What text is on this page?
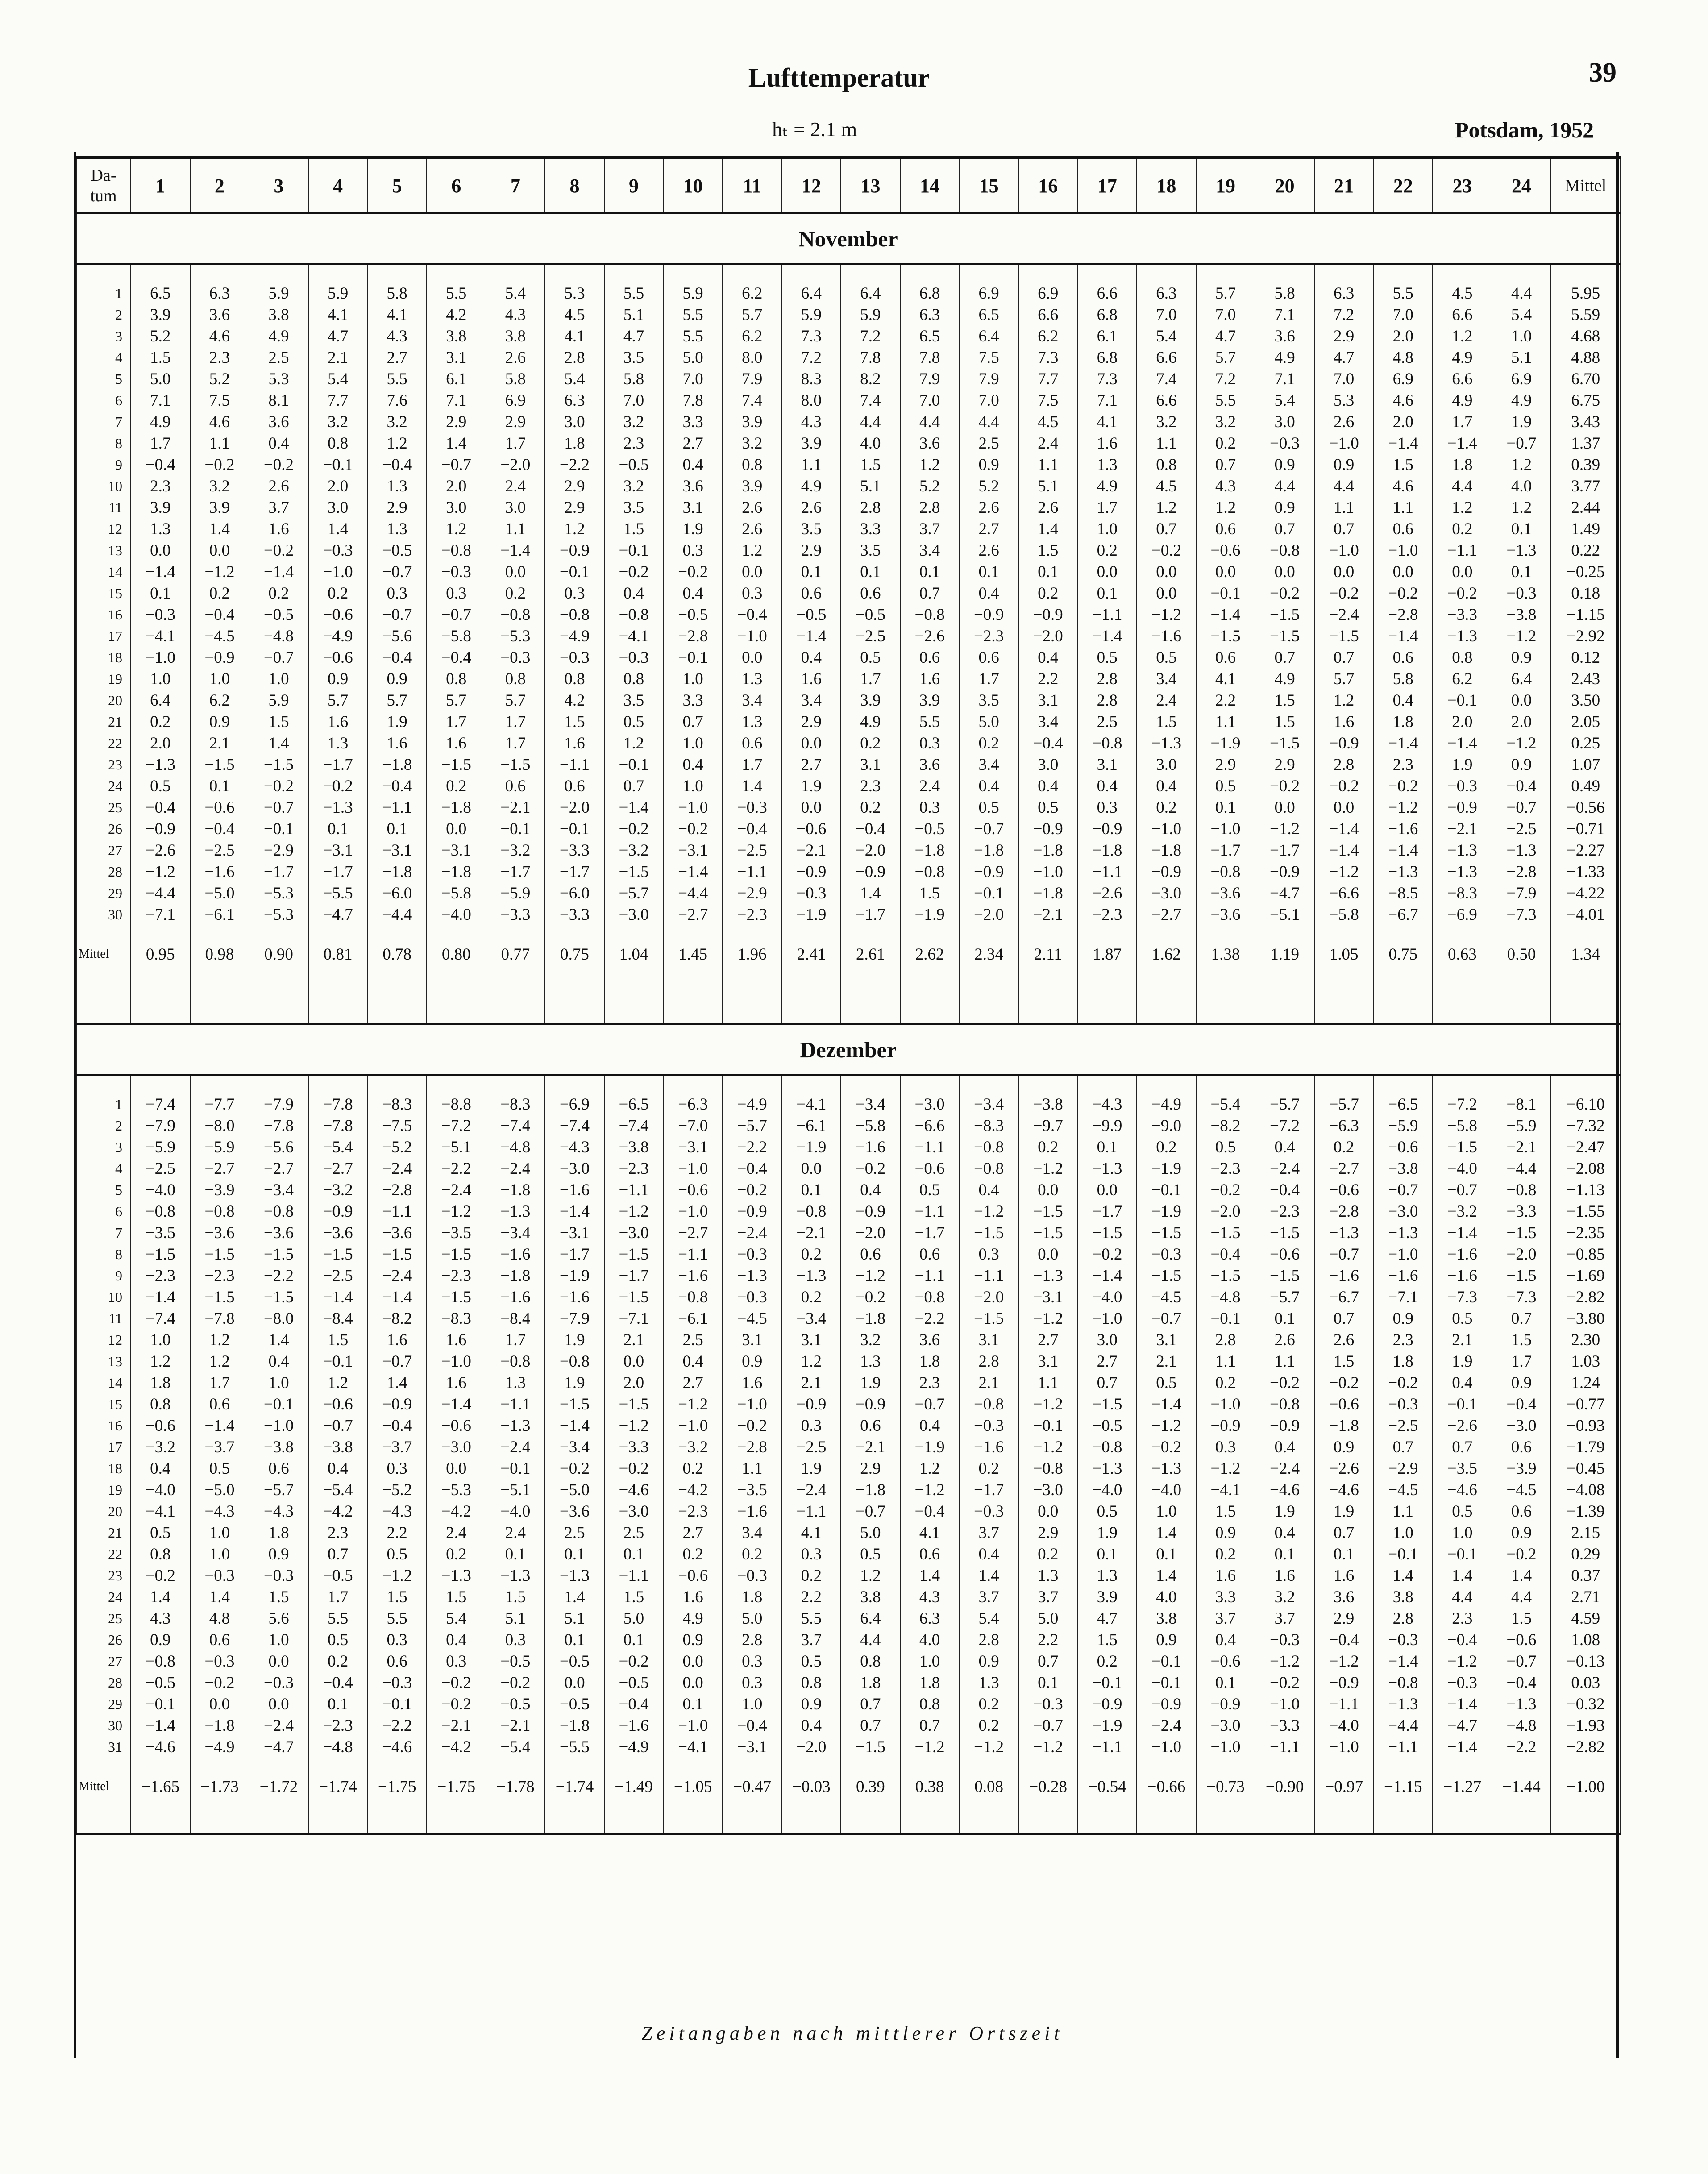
Lufttemperatur	39
hₜ = 2.1 m	Potsdam, 1952
Da-
tum	1	2	3	4	5	6	7	8	9	10	11	12	13	14	15	16	17	18	19	20	21	22	23	24	Mittel
November																									

1	6.5	6.3	5.9	5.9	5.8	5.5	5.4	5.3	5.5	5.9	6.2	6.4	6.4	6.8	6.9	6.9	6.6	6.3	5.7	5.8	6.3	5.5	4.5	4.4	5.95
2	3.9	3.6	3.8	4.1	4.1	4.2	4.3	4.5	5.1	5.5	5.7	5.9	5.9	6.3	6.5	6.6	6.8	7.0	7.0	7.1	7.2	7.0	6.6	5.4	5.59
3	5.2	4.6	4.9	4.7	4.3	3.8	3.8	4.1	4.7	5.5	6.2	7.3	7.2	6.5	6.4	6.2	6.1	5.4	4.7	3.6	2.9	2.0	1.2	1.0	4.68
4	1.5	2.3	2.5	2.1	2.7	3.1	2.6	2.8	3.5	5.0	8.0	7.2	7.8	7.8	7.5	7.3	6.8	6.6	5.7	4.9	4.7	4.8	4.9	5.1	4.88
5	5.0	5.2	5.3	5.4	5.5	6.1	5.8	5.4	5.8	7.0	7.9	8.3	8.2	7.9	7.9	7.7	7.3	7.4	7.2	7.1	7.0	6.9	6.6	6.9	6.70
6	7.1	7.5	8.1	7.7	7.6	7.1	6.9	6.3	7.0	7.8	7.4	8.0	7.4	7.0	7.0	7.5	7.1	6.6	5.5	5.4	5.3	4.6	4.9	4.9	6.75
7	4.9	4.6	3.6	3.2	3.2	2.9	2.9	3.0	3.2	3.3	3.9	4.3	4.4	4.4	4.4	4.5	4.1	3.2	3.2	3.0	2.6	2.0	1.7	1.9	3.43
8	1.7	1.1	0.4	0.8	1.2	1.4	1.7	1.8	2.3	2.7	3.2	3.9	4.0	3.6	2.5	2.4	1.6	1.1	0.2	−0.3	−1.0	−1.4	−1.4	−0.7	1.37
9	−0.4	−0.2	−0.2	−0.1	−0.4	−0.7	−2.0	−2.2	−0.5	0.4	0.8	1.1	1.5	1.2	0.9	1.1	1.3	0.8	0.7	0.9	0.9	1.5	1.8	1.2	0.39
10	2.3	3.2	2.6	2.0	1.3	2.0	2.4	2.9	3.2	3.6	3.9	4.9	5.1	5.2	5.2	5.1	4.9	4.5	4.3	4.4	4.4	4.6	4.4	4.0	3.77
11	3.9	3.9	3.7	3.0	2.9	3.0	3.0	2.9	3.5	3.1	2.6	2.6	2.8	2.8	2.6	2.6	1.7	1.2	1.2	0.9	1.1	1.1	1.2	1.2	2.44
12	1.3	1.4	1.6	1.4	1.3	1.2	1.1	1.2	1.5	1.9	2.6	3.5	3.3	3.7	2.7	1.4	1.0	0.7	0.6	0.7	0.7	0.6	0.2	0.1	1.49
13	0.0	0.0	−0.2	−0.3	−0.5	−0.8	−1.4	−0.9	−0.1	0.3	1.2	2.9	3.5	3.4	2.6	1.5	0.2	−0.2	−0.6	−0.8	−1.0	−1.0	−1.1	−1.3	0.22
14	−1.4	−1.2	−1.4	−1.0	−0.7	−0.3	0.0	−0.1	−0.2	−0.2	0.0	0.1	0.1	0.1	0.1	0.1	0.0	0.0	0.0	0.0	0.0	0.0	0.0	0.1	−0.25
15	0.1	0.2	0.2	0.2	0.3	0.3	0.2	0.3	0.4	0.4	0.3	0.6	0.6	0.7	0.4	0.2	0.1	0.0	−0.1	−0.2	−0.2	−0.2	−0.2	−0.3	0.18
16	−0.3	−0.4	−0.5	−0.6	−0.7	−0.7	−0.8	−0.8	−0.8	−0.5	−0.4	−0.5	−0.5	−0.8	−0.9	−0.9	−1.1	−1.2	−1.4	−1.5	−2.4	−2.8	−3.3	−3.8	−1.15
17	−4.1	−4.5	−4.8	−4.9	−5.6	−5.8	−5.3	−4.9	−4.1	−2.8	−1.0	−1.4	−2.5	−2.6	−2.3	−2.0	−1.4	−1.6	−1.5	−1.5	−1.5	−1.4	−1.3	−1.2	−2.92
18	−1.0	−0.9	−0.7	−0.6	−0.4	−0.4	−0.3	−0.3	−0.3	−0.1	0.0	0.4	0.5	0.6	0.6	0.4	0.5	0.5	0.6	0.7	0.7	0.6	0.8	0.9	0.12
19	1.0	1.0	1.0	0.9	0.9	0.8	0.8	0.8	0.8	1.0	1.3	1.6	1.7	1.6	1.7	2.2	2.8	3.4	4.1	4.9	5.7	5.8	6.2	6.4	2.43
20	6.4	6.2	5.9	5.7	5.7	5.7	5.7	4.2	3.5	3.3	3.4	3.4	3.9	3.9	3.5	3.1	2.8	2.4	2.2	1.5	1.2	0.4	−0.1	0.0	3.50
21	0.2	0.9	1.5	1.6	1.9	1.7	1.7	1.5	0.5	0.7	1.3	2.9	4.9	5.5	5.0	3.4	2.5	1.5	1.1	1.5	1.6	1.8	2.0	2.0	2.05
22	2.0	2.1	1.4	1.3	1.6	1.6	1.7	1.6	1.2	1.0	0.6	0.0	0.2	0.3	0.2	−0.4	−0.8	−1.3	−1.9	−1.5	−0.9	−1.4	−1.4	−1.2	0.25
23	−1.3	−1.5	−1.5	−1.7	−1.8	−1.5	−1.5	−1.1	−0.1	0.4	1.7	2.7	3.1	3.6	3.4	3.0	3.1	3.0	2.9	2.9	2.8	2.3	1.9	0.9	1.07
24	0.5	0.1	−0.2	−0.2	−0.4	0.2	0.6	0.6	0.7	1.0	1.4	1.9	2.3	2.4	0.4	0.4	0.4	0.4	0.5	−0.2	−0.2	−0.2	−0.3	−0.4	0.49
25	−0.4	−0.6	−0.7	−1.3	−1.1	−1.8	−2.1	−2.0	−1.4	−1.0	−0.3	0.0	0.2	0.3	0.5	0.5	0.3	0.2	0.1	0.0	0.0	−1.2	−0.9	−0.7	−0.56
26	−0.9	−0.4	−0.1	0.1	0.1	0.0	−0.1	−0.1	−0.2	−0.2	−0.4	−0.6	−0.4	−0.5	−0.7	−0.9	−0.9	−1.0	−1.0	−1.2	−1.4	−1.6	−2.1	−2.5	−0.71
27	−2.6	−2.5	−2.9	−3.1	−3.1	−3.1	−3.2	−3.3	−3.2	−3.1	−2.5	−2.1	−2.0	−1.8	−1.8	−1.8	−1.8	−1.8	−1.7	−1.7	−1.4	−1.4	−1.3	−1.3	−2.27
28	−1.2	−1.6	−1.7	−1.7	−1.8	−1.8	−1.7	−1.7	−1.5	−1.4	−1.1	−0.9	−0.9	−0.8	−0.9	−1.0	−1.1	−0.9	−0.8	−0.9	−1.2	−1.3	−1.3	−2.8	−1.33
29	−4.4	−5.0	−5.3	−5.5	−6.0	−5.8	−5.9	−6.0	−5.7	−4.4	−2.9	−0.3	1.4	1.5	−0.1	−1.8	−2.6	−3.0	−3.6	−4.7	−6.6	−8.5	−8.3	−7.9	−4.22
30	−7.1	−6.1	−5.3	−4.7	−4.4	−4.0	−3.3	−3.3	−3.0	−2.7	−2.3	−1.9	−1.7	−1.9	−2.0	−2.1	−2.3	−2.7	−3.6	−5.1	−5.8	−6.7	−6.9	−7.3	−4.01
Mittel	0.95	0.98	0.90	0.81	0.78	0.80	0.77	0.75	1.04	1.45	1.96	2.41	2.61	2.62	2.34	2.11	1.87	1.62	1.38	1.19	1.05	0.75	0.63	0.50	1.34

Dezember																									

1	−7.4	−7.7	−7.9	−7.8	−8.3	−8.8	−8.3	−6.9	−6.5	−6.3	−4.9	−4.1	−3.4	−3.0	−3.4	−3.8	−4.3	−4.9	−5.4	−5.7	−5.7	−6.5	−7.2	−8.1	−6.10
2	−7.9	−8.0	−7.8	−7.8	−7.5	−7.2	−7.4	−7.4	−7.4	−7.0	−5.7	−6.1	−5.8	−6.6	−8.3	−9.7	−9.9	−9.0	−8.2	−7.2	−6.3	−5.9	−5.8	−5.9	−7.32
3	−5.9	−5.9	−5.6	−5.4	−5.2	−5.1	−4.8	−4.3	−3.8	−3.1	−2.2	−1.9	−1.6	−1.1	−0.8	0.2	0.1	0.2	0.5	0.4	0.2	−0.6	−1.5	−2.1	−2.47
4	−2.5	−2.7	−2.7	−2.7	−2.4	−2.2	−2.4	−3.0	−2.3	−1.0	−0.4	0.0	−0.2	−0.6	−0.8	−1.2	−1.3	−1.9	−2.3	−2.4	−2.7	−3.8	−4.0	−4.4	−2.08
5	−4.0	−3.9	−3.4	−3.2	−2.8	−2.4	−1.8	−1.6	−1.1	−0.6	−0.2	0.1	0.4	0.5	0.4	0.0	0.0	−0.1	−0.2	−0.4	−0.6	−0.7	−0.7	−0.8	−1.13
6	−0.8	−0.8	−0.8	−0.9	−1.1	−1.2	−1.3	−1.4	−1.2	−1.0	−0.9	−0.8	−0.9	−1.1	−1.2	−1.5	−1.7	−1.9	−2.0	−2.3	−2.8	−3.0	−3.2	−3.3	−1.55
7	−3.5	−3.6	−3.6	−3.6	−3.6	−3.5	−3.4	−3.1	−3.0	−2.7	−2.4	−2.1	−2.0	−1.7	−1.5	−1.5	−1.5	−1.5	−1.5	−1.5	−1.3	−1.3	−1.4	−1.5	−2.35
8	−1.5	−1.5	−1.5	−1.5	−1.5	−1.5	−1.6	−1.7	−1.5	−1.1	−0.3	0.2	0.6	0.6	0.3	0.0	−0.2	−0.3	−0.4	−0.6	−0.7	−1.0	−1.6	−2.0	−0.85
9	−2.3	−2.3	−2.2	−2.5	−2.4	−2.3	−1.8	−1.9	−1.7	−1.6	−1.3	−1.3	−1.2	−1.1	−1.1	−1.3	−1.4	−1.5	−1.5	−1.5	−1.6	−1.6	−1.6	−1.5	−1.69
10	−1.4	−1.5	−1.5	−1.4	−1.4	−1.5	−1.6	−1.6	−1.5	−0.8	−0.3	0.2	−0.2	−0.8	−2.0	−3.1	−4.0	−4.5	−4.8	−5.7	−6.7	−7.1	−7.3	−7.3	−2.82
11	−7.4	−7.8	−8.0	−8.4	−8.2	−8.3	−8.4	−7.9	−7.1	−6.1	−4.5	−3.4	−1.8	−2.2	−1.5	−1.2	−1.0	−0.7	−0.1	0.1	0.7	0.9	0.5	0.7	−3.80
12	1.0	1.2	1.4	1.5	1.6	1.6	1.7	1.9	2.1	2.5	3.1	3.1	3.2	3.6	3.1	2.7	3.0	3.1	2.8	2.6	2.6	2.3	2.1	1.5	2.30
13	1.2	1.2	0.4	−0.1	−0.7	−1.0	−0.8	−0.8	0.0	0.4	0.9	1.2	1.3	1.8	2.8	3.1	2.7	2.1	1.1	1.1	1.5	1.8	1.9	1.7	1.03
14	1.8	1.7	1.0	1.2	1.4	1.6	1.3	1.9	2.0	2.7	1.6	2.1	1.9	2.3	2.1	1.1	0.7	0.5	0.2	−0.2	−0.2	−0.2	0.4	0.9	1.24
15	0.8	0.6	−0.1	−0.6	−0.9	−1.4	−1.1	−1.5	−1.5	−1.2	−1.0	−0.9	−0.9	−0.7	−0.8	−1.2	−1.5	−1.4	−1.0	−0.8	−0.6	−0.3	−0.1	−0.4	−0.77
16	−0.6	−1.4	−1.0	−0.7	−0.4	−0.6	−1.3	−1.4	−1.2	−1.0	−0.2	0.3	0.6	0.4	−0.3	−0.1	−0.5	−1.2	−0.9	−0.9	−1.8	−2.5	−2.6	−3.0	−0.93
17	−3.2	−3.7	−3.8	−3.8	−3.7	−3.0	−2.4	−3.4	−3.3	−3.2	−2.8	−2.5	−2.1	−1.9	−1.6	−1.2	−0.8	−0.2	0.3	0.4	0.9	0.7	0.7	0.6	−1.79
18	0.4	0.5	0.6	0.4	0.3	0.0	−0.1	−0.2	−0.2	0.2	1.1	1.9	2.9	1.2	0.2	−0.8	−1.3	−1.3	−1.2	−2.4	−2.6	−2.9	−3.5	−3.9	−0.45
19	−4.0	−5.0	−5.7	−5.4	−5.2	−5.3	−5.1	−5.0	−4.6	−4.2	−3.5	−2.4	−1.8	−1.2	−1.7	−3.0	−4.0	−4.0	−4.1	−4.6	−4.6	−4.5	−4.6	−4.5	−4.08
20	−4.1	−4.3	−4.3	−4.2	−4.3	−4.2	−4.0	−3.6	−3.0	−2.3	−1.6	−1.1	−0.7	−0.4	−0.3	0.0	0.5	1.0	1.5	1.9	1.9	1.1	0.5	0.6	−1.39
21	0.5	1.0	1.8	2.3	2.2	2.4	2.4	2.5	2.5	2.7	3.4	4.1	5.0	4.1	3.7	2.9	1.9	1.4	0.9	0.4	0.7	1.0	1.0	0.9	2.15
22	0.8	1.0	0.9	0.7	0.5	0.2	0.1	0.1	0.1	0.2	0.2	0.3	0.5	0.6	0.4	0.2	0.1	0.1	0.2	0.1	0.1	−0.1	−0.1	−0.2	0.29
23	−0.2	−0.3	−0.3	−0.5	−1.2	−1.3	−1.3	−1.3	−1.1	−0.6	−0.3	0.2	1.2	1.4	1.4	1.3	1.3	1.4	1.6	1.6	1.6	1.4	1.4	1.4	0.37
24	1.4	1.4	1.5	1.7	1.5	1.5	1.5	1.4	1.5	1.6	1.8	2.2	3.8	4.3	3.7	3.7	3.9	4.0	3.3	3.2	3.6	3.8	4.4	4.4	2.71
25	4.3	4.8	5.6	5.5	5.5	5.4	5.1	5.1	5.0	4.9	5.0	5.5	6.4	6.3	5.4	5.0	4.7	3.8	3.7	3.7	2.9	2.8	2.3	1.5	4.59
26	0.9	0.6	1.0	0.5	0.3	0.4	0.3	0.1	0.1	0.9	2.8	3.7	4.4	4.0	2.8	2.2	1.5	0.9	0.4	−0.3	−0.4	−0.3	−0.4	−0.6	1.08
27	−0.8	−0.3	0.0	0.2	0.6	0.3	−0.5	−0.5	−0.2	0.0	0.3	0.5	0.8	1.0	0.9	0.7	0.2	−0.1	−0.6	−1.2	−1.2	−1.4	−1.2	−0.7	−0.13
28	−0.5	−0.2	−0.3	−0.4	−0.3	−0.2	−0.2	0.0	−0.5	0.0	0.3	0.8	1.8	1.8	1.3	0.1	−0.1	−0.1	0.1	−0.2	−0.9	−0.8	−0.3	−0.4	0.03
29	−0.1	0.0	0.0	0.1	−0.1	−0.2	−0.5	−0.5	−0.4	0.1	1.0	0.9	0.7	0.8	0.2	−0.3	−0.9	−0.9	−0.9	−1.0	−1.1	−1.3	−1.4	−1.3	−0.32
30	−1.4	−1.8	−2.4	−2.3	−2.2	−2.1	−2.1	−1.8	−1.6	−1.0	−0.4	0.4	0.7	0.7	0.2	−0.7	−1.9	−2.4	−3.0	−3.3	−4.0	−4.4	−4.7	−4.8	−1.93
31	−4.6	−4.9	−4.7	−4.8	−4.6	−4.2	−5.4	−5.5	−4.9	−4.1	−3.1	−2.0	−1.5	−1.2	−1.2	−1.2	−1.1	−1.0	−1.0	−1.1	−1.0	−1.1	−1.4	−2.2	−2.82
Mittel	−1.65	−1.73	−1.72	−1.74	−1.75	−1.75	−1.78	−1.74	−1.49	−1.05	−0.47	−0.03	0.39	0.38	0.08	−0.28	−0.54	−0.66	−0.73	−0.90	−0.97	−1.15	−1.27	−1.44	−1.00

Zeitangaben nach mittlerer Ortszeit
